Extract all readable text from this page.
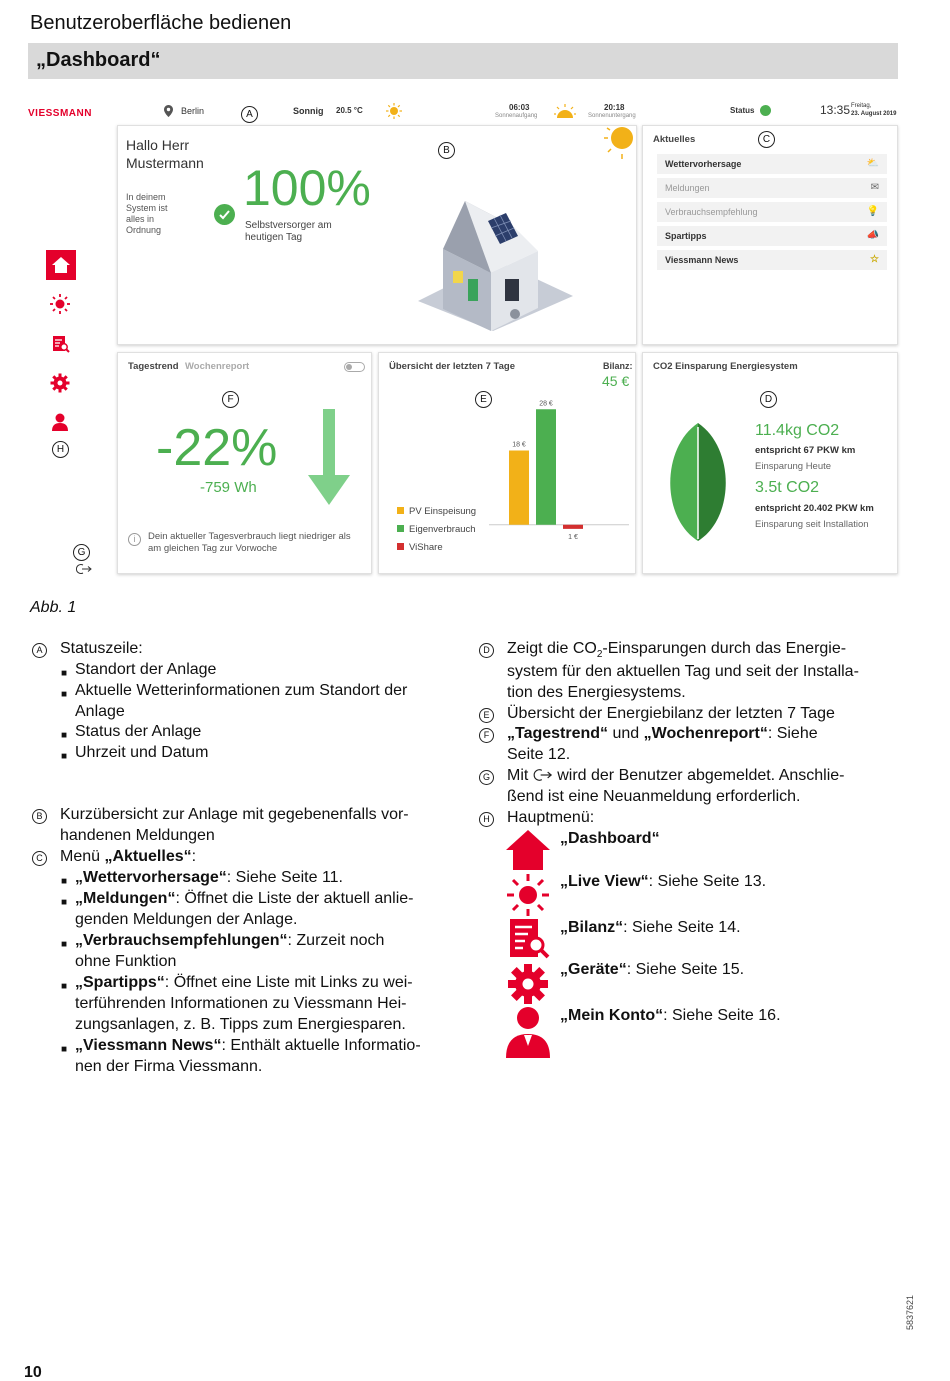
Benutzeroberfläche bedienen
„Dashboard“
VIESSMANN	Berlin	Sonnig 20.5 °C	06:03
Sonnenaufgang
20:18
Sonnenuntergang
Status	13:35 Freitag,
23. August 2019
A
H
G
Hallo Herr Mustermann
In deinem System ist alles in Ordnung
100%
Selbstversorger am heutigen Tag
B
Aktuelles	C
Wettervorhersage	⛅
Meldungen	✉
Verbrauchsempfehlung	💡
Spartipps	📣
Viessmann News	☆
Tagestrend Wochenreport
F
-22%
-759 Wh
i	Dein aktueller Tagesverbrauch liegt niedriger als am gleichen Tag zur Vorwoche
Übersicht der letzten 7 Tage	Bilanz:
45 €
E
18 €
28 €
1 €
PV Einspeisung
Eigenverbrauch
ViShare
CO2 Einsparung Energiesystem
D
11.4kg CO2
entspricht 67 PKW km
Einsparung Heute
3.5t CO2
entspricht 20.402 PKW km
Einsparung seit Installation
Abb. 1
A Statuszeile:
■ Standort der Anlage
■ Aktuelle Wetterinformationen zum Standort der
Anlage
■ Status der Anlage
■ Uhrzeit und Datum
B Kurzübersicht zur Anlage mit gegebenenfalls vor-
handenen Meldungen
C Menü „Aktuelles“:
■ „Wettervorhersage“: Siehe Seite 11.
■ „Meldungen“: Öffnet die Liste der aktuell anlie-
genden Meldungen der Anlage.
■ „Verbrauchsempfehlungen“: Zurzeit noch
ohne Funktion
■ „Spartipps“: Öffnet eine Liste mit Links zu wei-
terführenden Informationen zu Viessmann Hei-
zungsanlagen, z. B. Tipps zum Energiesparen.
■ „Viessmann News“: Enthält aktuelle Informatio-
nen der Firma Viessmann.
D Zeigt die $CO_2$-Einsparungen durch das Energie-
system für den aktuellen Tag und seit der Installa-
tion des Energiesystems.
E Übersicht der Energiebilanz der letzten 7 Tage
F „Tagestrend“ und „Wochenreport“: Siehe
Seite 12.
G Mit  wird der Benutzer abgemeldet. Anschlie-
ßend ist eine Neuanmeldung erforderlich.
H Hauptmenü:
„Dashboard“
„Live View“: Siehe Seite 13.
„Bilanz“: Siehe Seite 14.
„Geräte“: Siehe Seite 15.
„Mein Konto“: Siehe Seite 16.
10
5837621
